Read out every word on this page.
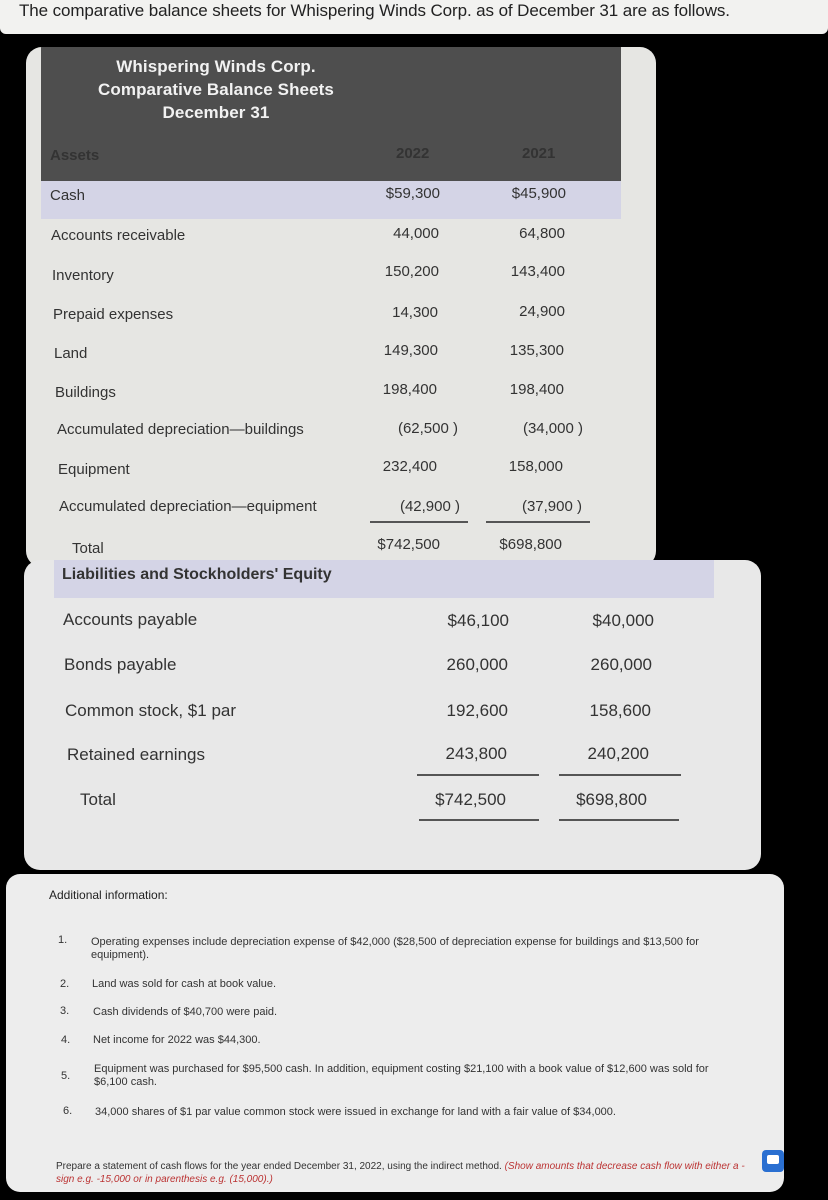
The comparative balance sheets for Whispering Winds Corp. as of December 31 are as follows.
Whispering Winds Corp.
Comparative Balance Sheets
December 31
Assets	2022	2021
Cash	$59,300	$45,900
Accounts receivable	44,000	64,800
Inventory	150,200	143,400
Prepaid expenses	14,300	24,900
Land	149,300	135,300
Buildings	198,400	198,400
Accumulated depreciation—buildings	(62,500 )	(34,000 )
Equipment	232,400	158,000
Accumulated depreciation—equipment	(42,900 )	(37,900 )
Total	$742,500	$698,800
Liabilities and Stockholders' Equity
Accounts payable	$46,100	$40,000
Bonds payable	260,000	260,000
Common stock, $1 par	192,600	158,600
Retained earnings	243,800	240,200
Total	$742,500	$698,800
Additional information:
1. Operating expenses include depreciation expense of $42,000 ($28,500 of depreciation expense for buildings and $13,500 for equipment).
2. Land was sold for cash at book value.
3. Cash dividends of $40,700 were paid.
4. Net income for 2022 was $44,300.
5.
Equipment was purchased for $95,500 cash. In addition, equipment costing $21,100 with a book value of $12,600 was sold for $6,100 cash.
6. 34,000 shares of $1 par value common stock were issued in exchange for land with a fair value of $34,000.
Prepare a statement of cash flows for the year ended December 31, 2022, using the indirect method. (Show amounts that decrease cash flow with either a - sign e.g. -15,000 or in parenthesis e.g. (15,000).)
